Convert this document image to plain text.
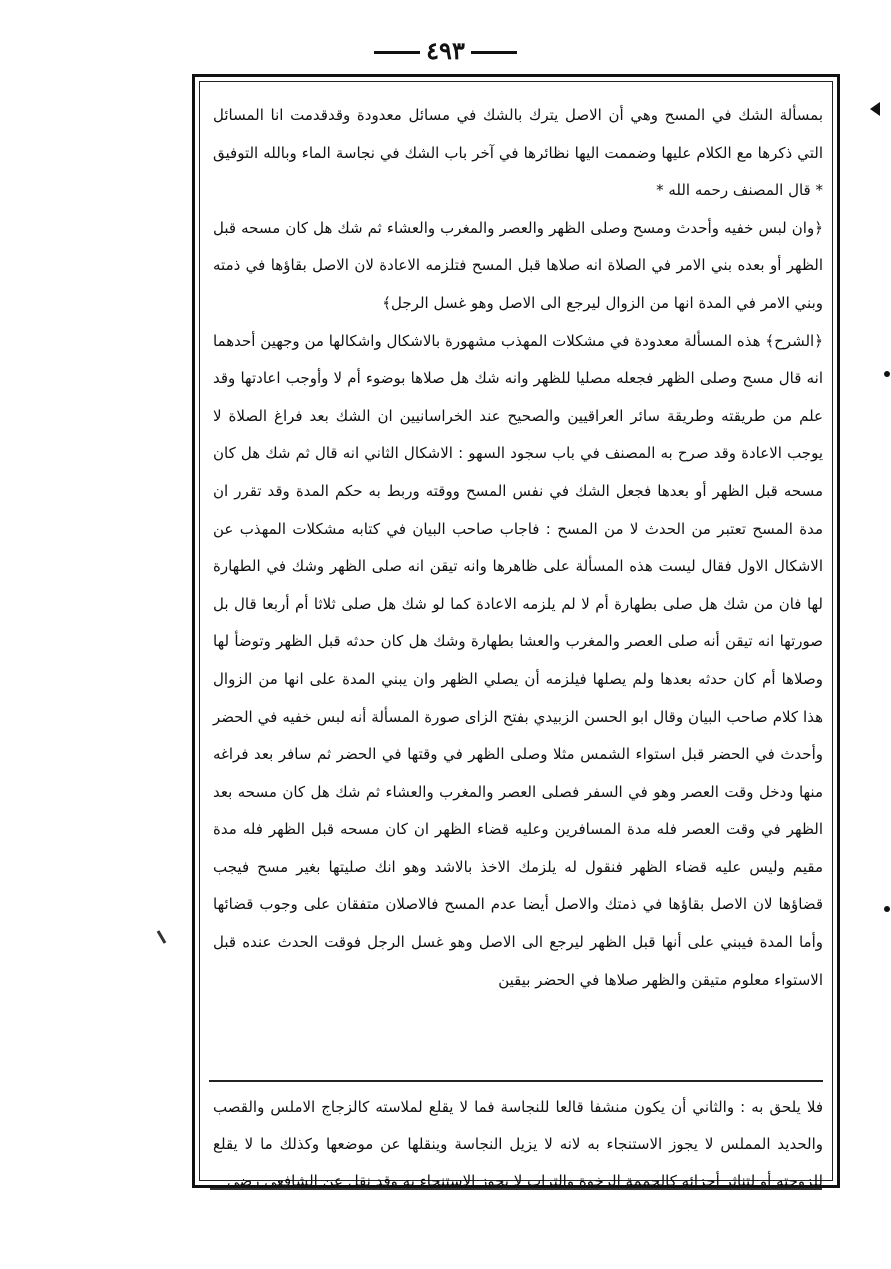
٤٩٣

بمسألة الشك في المسح وهي أن الاصل يترك بالشك في مسائل معدودة وقدقدمت انا المسائل التي ذكرها مع الكلام عليها وضممت اليها نظائرها في آخر باب الشك في نجاسة الماء وبالله التوفيق * قال المصنف رحمه الله *

﴿وان لبس خفيه وأحدث ومسح وصلى الظهر والعصر والمغرب والعشاء ثم شك هل كان مسحه قبل الظهر أو بعده بني الامر في الصلاة انه صلاها قبل المسح فتلزمه الاعادة لان الاصل بقاؤها في ذمته وبني الامر في المدة انها من الزوال ليرجع الى الاصل وهو غسل الرجل﴾

﴿الشرح﴾ هذه المسألة معدودة في مشكلات المهذب مشهورة بالاشكال واشكالها من وجهين أحدهما انه قال مسح وصلى الظهر فجعله مصليا للظهر وانه شك هل صلاها بوضوء أم لا وأوجب اعادتها وقد علم من طريقته وطريقة سائر العراقيين والصحيح عند الخراسانيين ان الشك بعد فراغ الصلاة لا يوجب الاعادة وقد صرح به المصنف في باب سجود السهو : الاشكال الثاني انه قال ثم شك هل كان مسحه قبل الظهر أو بعدها فجعل الشك في نفس المسح ووقته وربط به حكم المدة وقد تقرر ان مدة المسح تعتبر من الحدث لا من المسح : فاجاب صاحب البيان في كتابه مشكلات المهذب عن الاشكال الاول فقال ليست هذه المسألة على ظاهرها وانه تيقن انه صلى الظهر وشك في الطهارة لها فان من شك هل صلى بطهارة أم لا لم يلزمه الاعادة كما لو شك هل صلى ثلاثا أم أربعا قال بل صورتها انه تيقن أنه صلى العصر والمغرب والعشا بطهارة وشك هل كان حدثه قبل الظهر وتوضأ لها وصلاها أم كان حدثه بعدها ولم يصلها فيلزمه أن يصلي الظهر وان يبني المدة على انها من الزوال هذا كلام صاحب البيان وقال ابو الحسن الزبيدي بفتح الزاى صورة المسألة أنه لبس خفيه في الحضر وأحدث في الحضر قبل استواء الشمس مثلا وصلى الظهر في وقتها في الحضر ثم سافر بعد فراغه منها ودخل وقت العصر وهو في السفر فصلى العصر والمغرب والعشاء ثم شك هل كان مسحه بعد الظهر في وقت العصر فله مدة المسافرين وعليه قضاء الظهر ان كان مسحه قبل الظهر فله مدة مقيم وليس عليه قضاء الظهر فنقول له يلزمك الاخذ بالاشد وهو انك صليتها بغير مسح فيجب قضاؤها لان الاصل بقاؤها في ذمتك والاصل أيضا عدم المسح فالاصلان متفقان على وجوب قضائها وأما المدة فيبني على أنها قبل الظهر ليرجع الى الاصل وهو غسل الرجل فوقت الحدث عنده قبل الاستواء معلوم متيقن والظهر صلاها في الحضر بيقين

فلا يلحق به : والثاني أن يكون منشفا قالعا للنجاسة فما لا يقلع لملاسته كالزجاج الاملس والقصب والحديد المملس لا يجوز الاستنجاء به لانه لا يزيل النجاسة وينقلها عن موضعها وكذلك ما لا يقلع للزوجته أو لتناثر أجزائه كالحممة الرخوة والتراب لا يجوز الاستنجاء به وقد نقل عن الشافعي رضي
